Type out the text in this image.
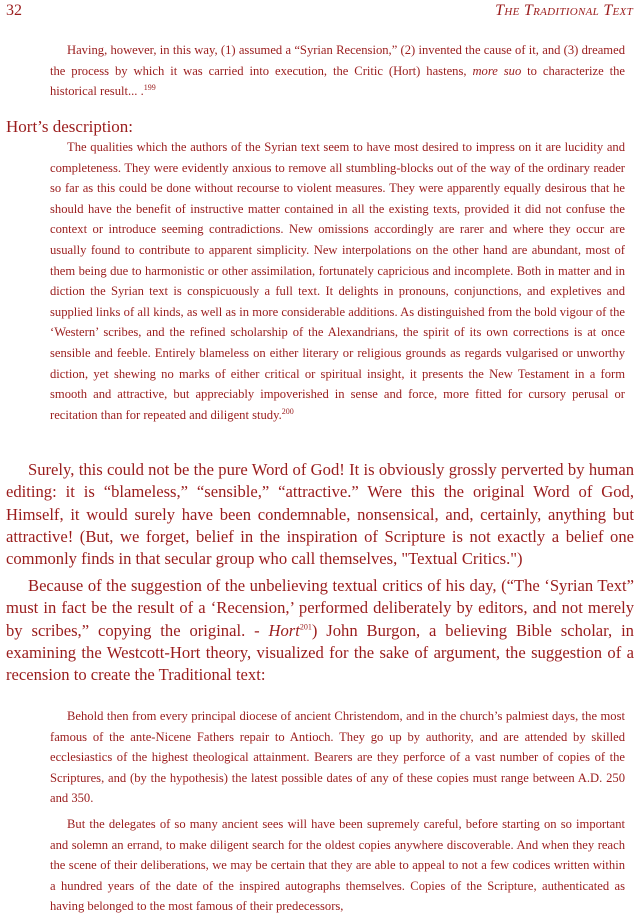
32	The Traditional Text

Having, however, in this way, (1) assumed a “Syrian Recension,” (2) invented the cause of it, and (3) dreamed the process by which it was carried into execution, the Critic (Hort) hastens, more suo to characterize the historical result... .$^{199}$

Hort’s description:

The qualities which the authors of the Syrian text seem to have most desired to impress on it are lucidity and completeness. They were evidently anxious to remove all stumbling-blocks out of the way of the ordinary reader so far as this could be done without recourse to violent measures. They were apparently equally desirous that he should have the benefit of instructive matter contained in all the existing texts, provided it did not confuse the context or introduce seeming contradictions. New omissions accordingly are rarer and where they occur are usually found to contribute to apparent simplicity. New interpolations on the other hand are abundant, most of them being due to harmonistic or other assimilation, fortunately capricious and incomplete. Both in matter and in diction the Syrian text is conspicuously a full text. It delights in pronouns, conjunctions, and expletives and supplied links of all kinds, as well as in more considerable additions. As distinguished from the bold vigour of the ‘Western’ scribes, and the refined scholarship of the Alexandrians, the spirit of its own corrections is at once sensible and feeble. Entirely blameless on either literary or religious grounds as regards vulgarised or unworthy diction, yet shewing no marks of either critical or spiritual insight, it presents the New Testament in a form smooth and attractive, but appreciably impoverished in sense and force, more fitted for cursory perusal or recitation than for repeated and diligent study.$^{200}$

Surely, this could not be the pure Word of God! It is obviously grossly perverted by human editing: it is “blameless,” “sensible,” “attractive.” Were this the original Word of God, Himself, it would surely have been condemnable, nonsensical, and, certainly, anything but attractive! (But, we forget, belief in the inspiration of Scripture is not exactly a belief one commonly finds in that secular group who call themselves, "Textual Critics.")

Because of the suggestion of the unbelieving textual critics of his day, (“The ‘Syrian Text” must in fact be the result of a ‘Recension,’ performed deliberately by editors, and not merely by scribes,” copying the original. - Hort$^{201}$) John Burgon, a believing Bible scholar, in examining the Westcott-Hort theory, visualized for the sake of argument, the suggestion of a recension to create the Traditional text:

Behold then from every principal diocese of ancient Christendom, and in the church’s palmiest days, the most famous of the ante-Nicene Fathers repair to Antioch. They go up by authority, and are attended by skilled ecclesiastics of the highest theological attainment. Bearers are they perforce of a vast number of copies of the Scriptures, and (by the hypothesis) the latest possible dates of any of these copies must range between A.D. 250 and 350.

But the delegates of so many ancient sees will have been supremely careful, before starting on so important and solemn an errand, to make diligent search for the oldest copies anywhere discoverable. And when they reach the scene of their deliberations, we may be certain that they are able to appeal to not a few codices written within a hundred years of the date of the inspired autographs themselves. Copies of the Scripture, authenticated as having belonged to the most famous of their predecessors,
